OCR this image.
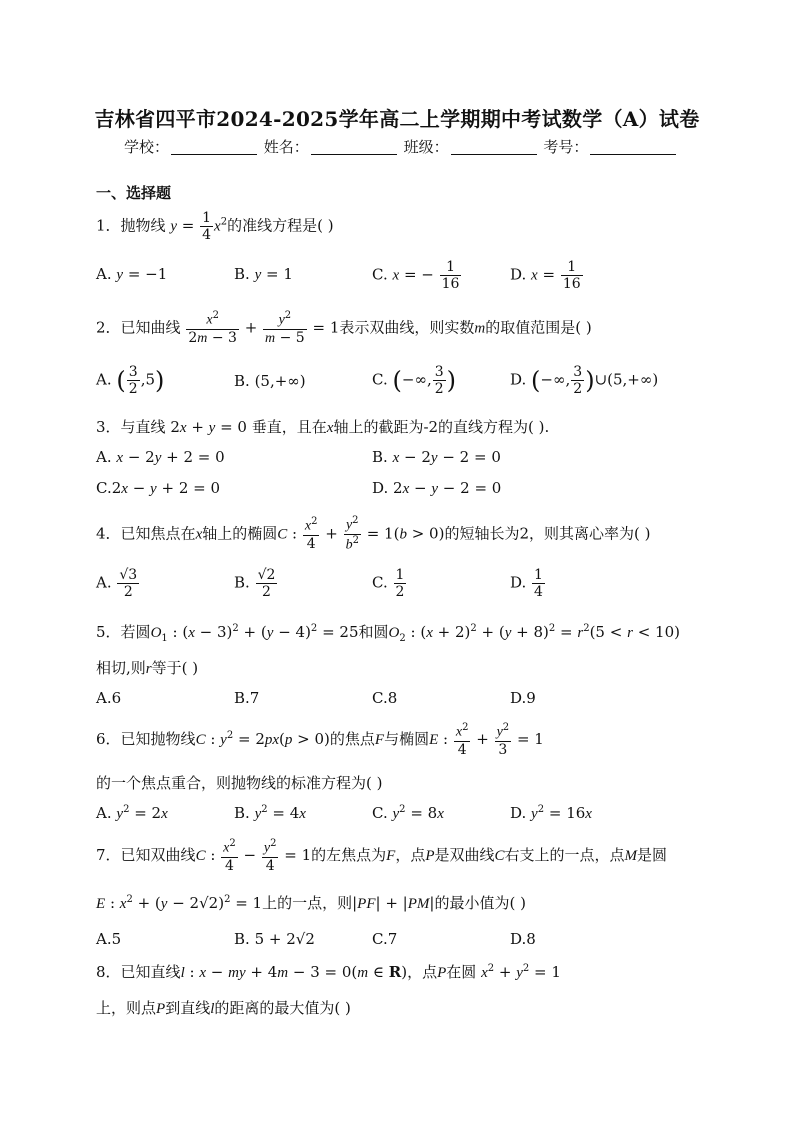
吉林省四平市2024-2025学年高二上学期期中考试数学（A）试卷
学校：	姓名：	班级：	考号：
一、选择题
1．抛物线 $y = \frac{1}{4} x^2$的准线方程是( )
A. y = −1	B. y = 1	C. x = − $\frac{1}{16}$	D. $x = \frac{1}{16}$
2．已知曲线 $\frac{x^2}{2m - 3} + \frac{y^2}{m - 5} = 1$表示双曲线，则实数m的取值范围是( )
A. ( $\frac{3}{2} ,5$)	B. (5,+∞)	C. (−∞, $\frac{3}{2}$ )	D. (−∞, $\frac{3}{2}$ )∪(5,+∞)
3．与直线 2x + y = 0 垂直，且在x轴上的截距为-2的直线方程为( ).
A. x − 2y + 2 = 0	B. x − 2y − 2 = 0
C.2x − y + 2 = 0	D. 2x − y − 2 = 0
4．已知焦点在x轴上的椭圆C : $\frac{x^2}{4} + \frac{y^2}{b^2} = 1(b > 0)$的短轴长为2，则其离心率为( )
A. $\frac{√3}{2}$	B. $\frac{√2}{2}$	C. $\frac{1}{2}$	D. $\frac{1}{4}$
5．若圆$O_1$ : $(x - 3)^2 + (y - 4)^2 = 25$和圆$O_2$ : $(x + 2)^2 + (y + 8)^2 = r^2(5 < r < 10)$
相切,则r等于( )
A.6	B.7	C.8	D.9
6．已知抛物线C : $y^2 = 2px(p > 0)$的焦点F与椭圆E : $\frac{x^2}{4} + \frac{y^2}{3} = 1$
的一个焦点重合，则抛物线的标准方程为( )
A. $y^2 = 2x$	B. $y^2 = 4x$	C. $y^2 = 8x$	D. $y^2 = 16x$
7．已知双曲线C : $\frac{x^2}{4} - \frac{y^2}{4} = 1$的左焦点为F，点P是双曲线C右支上的一点，点M是圆
E : $x^2 + (y - 2√2)^2 = 1$上的一点，则|PF| + |PM|的最小值为( )
A.5	B. 5 + 2√2	C.7	D.8
8．已知直线l : x − my + 4m − 3 = 0(m ∈ R)，点P在圆 $x^2 + y^2 = 1$
上，则点P到直线l的距离的最大值为( )
